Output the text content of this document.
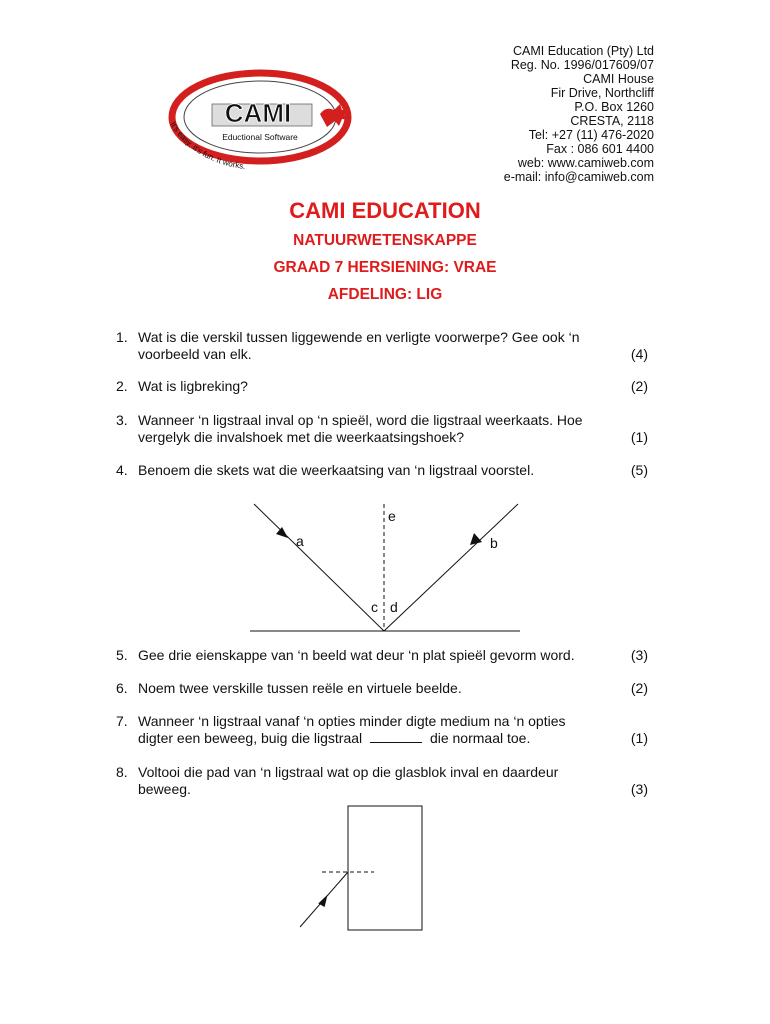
CAMI
Eductional Software
It's easy. It's fun. It works.
CAMI Education (Pty) Ltd
Reg. No. 1996/017609/07
CAMI House
Fir Drive, Northcliff
P.O. Box 1260
CRESTA, 2118
Tel: +27 (11) 476-2020
Fax : 086 601 4400
web: www.camiweb.com
e-mail: info@camiweb.com
CAMI EDUCATION
NATUURWETENSKAPPE
GRAAD 7 HERSIENING: VRAE
AFDELING: LIG
1. Wat is die verskil tussen liggewende en verligte voorwerpe? Gee ook ‘n
voorbeeld van elk.	(4)
2. Wat is ligbreking?	(2)
3. Wanneer ‘n ligstraal inval op ‘n spieël, word die ligstraal weerkaats. Hoe
vergelyk die invalshoek met die weerkaatsingshoek?	(1)
4. Benoem die skets wat die weerkaatsing van ‘n ligstraal voorstel.	(5)
a	b
e
c d
5. Gee drie eienskappe van ‘n beeld wat deur ‘n plat spieël gevorm word.	(3)
6. Noem twee verskille tussen reële en virtuele beelde.	(2)
7. Wanneer ‘n ligstraal vanaf ‘n opties minder digte medium na ‘n opties
digter een beweeg, buig die ligstraal	die normaal toe.	(1)
8. Voltooi die pad van ‘n ligstraal wat op die glasblok inval en daardeur
beweeg.	(3)
